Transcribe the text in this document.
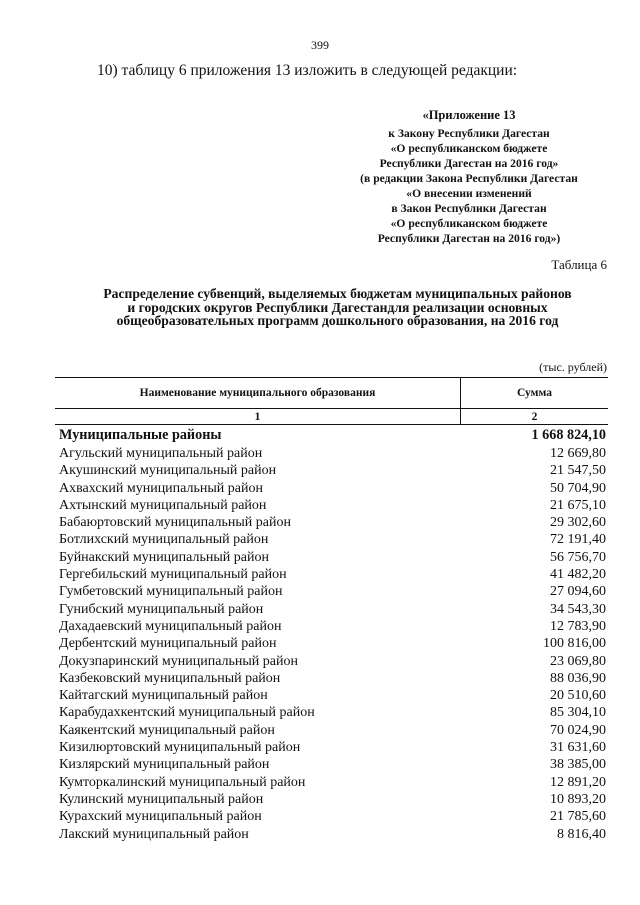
399
10) таблицу 6 приложения 13 изложить в следующей редакции:
«Приложение 13
к Закону Республики Дагестан
«О республиканском бюджете
Республики Дагестан на 2016 год»
(в редакции Закона Республики Дагестан
«О внесении изменений
в Закон Республики Дагестан
«О республиканском бюджете
Республики Дагестан на 2016 год»)
Таблица 6
Распределение субвенций, выделяемых бюджетам муниципальных районов
и городских округов Республики Дагестандля реализации основных
общеобразовательных программ дошкольного образования, на 2016 год
(тыс. рублей)
Наименование муниципального образования	Сумма
1	2
Муниципальные районы	1 668 824,10
Агульский муниципальный район	12 669,80
Акушинский муниципальный район	21 547,50
Ахвахский муниципальный район	50 704,90
Ахтынский муниципальный район	21 675,10
Бабаюртовский муниципальный район	29 302,60
Ботлихский муниципальный район	72 191,40
Буйнакский муниципальный район	56 756,70
Гергебильский муниципальный район	41 482,20
Гумбетовский муниципальный район	27 094,60
Гунибский муниципальный район	34 543,30
Дахадаевский муниципальный район	12 783,90
Дербентский муниципальный район	100 816,00
Докузпаринский муниципальный район	23 069,80
Казбековский муниципальный район	88 036,90
Кайтагский муниципальный район	20 510,60
Карабудахкентский муниципальный район	85 304,10
Каякентский муниципальный район	70 024,90
Кизилюртовский муниципальный район	31 631,60
Кизлярский муниципальный район	38 385,00
Кумторкалинский муниципальный район	12 891,20
Кулинский муниципальный район	10 893,20
Курахский муниципальный район	21 785,60
Лакский муниципальный район	8 816,40
